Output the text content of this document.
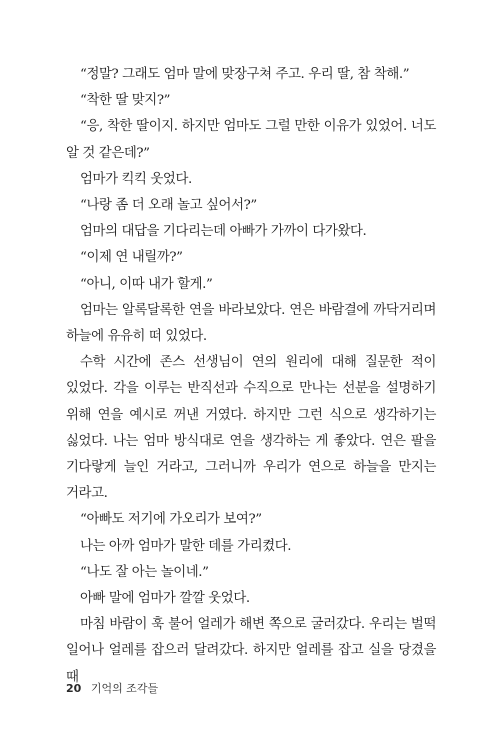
“정말? 그래도 엄마 말에 맞장구쳐 주고. 우리 딸, 참 착해.”

“착한 딸 맞지?”

“응, 착한 딸이지. 하지만 엄마도 그럴 만한 이유가 있었어. 너도 알 것 같은데?”

엄마가 킥킥 웃었다.

“나랑 좀 더 오래 놀고 싶어서?”

엄마의 대답을 기다리는데 아빠가 가까이 다가왔다.

“이제 연 내릴까?”

“아니, 이따 내가 할게.”

엄마는 알록달록한 연을 바라보았다. 연은 바람결에 까닥거리며 하늘에 유유히 떠 있었다.

수학 시간에 존스 선생님이 연의 원리에 대해 질문한 적이 있었다. 각을 이루는 반직선과 수직으로 만나는 선분을 설명하기 위해 연을 예시로 꺼낸 거였다. 하지만 그런 식으로 생각하기는 싫었다. 나는 엄마 방식대로 연을 생각하는 게 좋았다. 연은 팔을 기다랗게 늘인 거라고, 그러니까 우리가 연으로 하늘을 만지는 거라고.

“아빠도 저기에 가오리가 보여?”

나는 아까 엄마가 말한 데를 가리켰다.

“나도 잘 아는 놀이네.”

아빠 말에 엄마가 깔깔 웃었다.

마침 바람이 훅 불어 얼레가 해변 쪽으로 굴러갔다. 우리는 벌떡 일어나 얼레를 잡으러 달려갔다. 하지만 얼레를 잡고 실을 당겼을 때

20 기억의 조각들
